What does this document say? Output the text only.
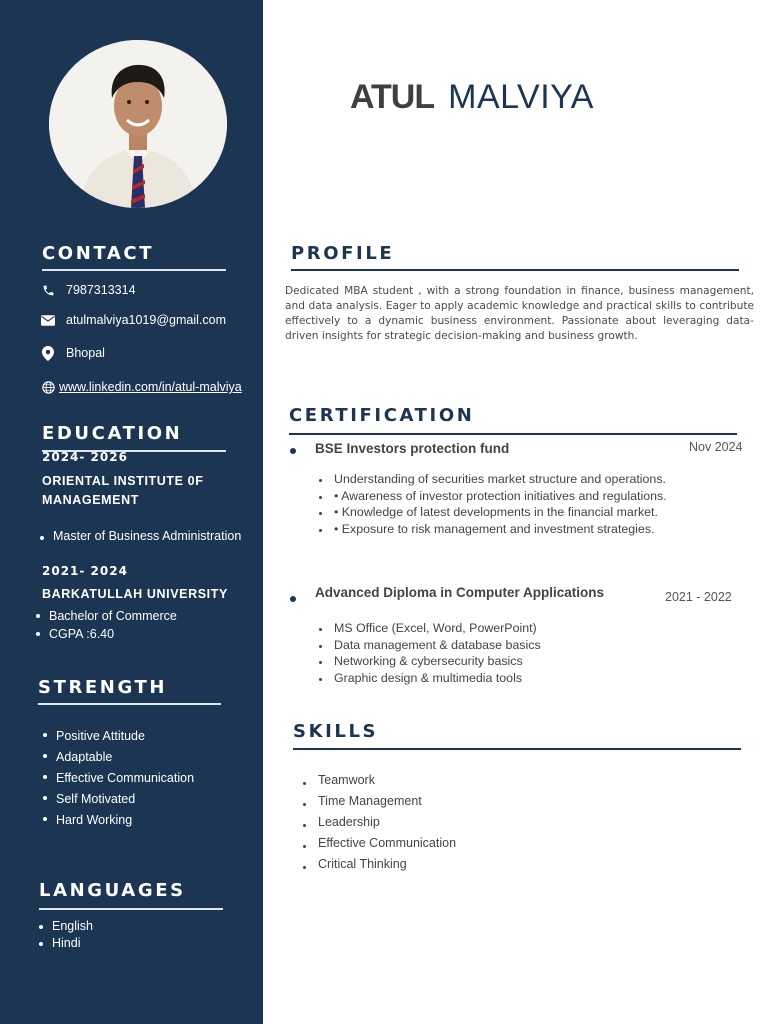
CONTACT
7987313314
atulmalviya1019@gmail.com
Bhopal
www.linkedin.com/in/atul-malviya
EDUCATION
2024- 2026
ORIENTAL INSTITUTE 0F MANAGEMENT
Master of Business Administration
2021- 2024
BARKATULLAH UNIVERSITY
Bachelor of Commerce
CGPA :6.40
STRENGTH
Positive Attitude
Adaptable
Effective Communication
Self Motivated
Hard Working
LANGUAGES
English
Hindi
ATUL MALVIYA
PROFILE
Dedicated MBA student , with a strong foundation in finance, business management, and data analysis. Eager to apply academic knowledge and practical skills to contribute effectively to a dynamic business environment. Passionate about leveraging data-driven insights for strategic decision-making and business growth.
CERTIFICATION
BSE Investors protection fund	Nov 2024
Understanding of securities market structure and operations.
• Awareness of investor protection initiatives and regulations.
• Knowledge of latest developments in the financial market.
• Exposure to risk management and investment strategies.
Advanced Diploma in Computer Applications	2021 - 2022
MS Office (Excel, Word, PowerPoint)
Data management & database basics
Networking & cybersecurity basics
Graphic design & multimedia tools
SKILLS
Teamwork
Time Management
Leadership
Effective Communication
Critical Thinking
